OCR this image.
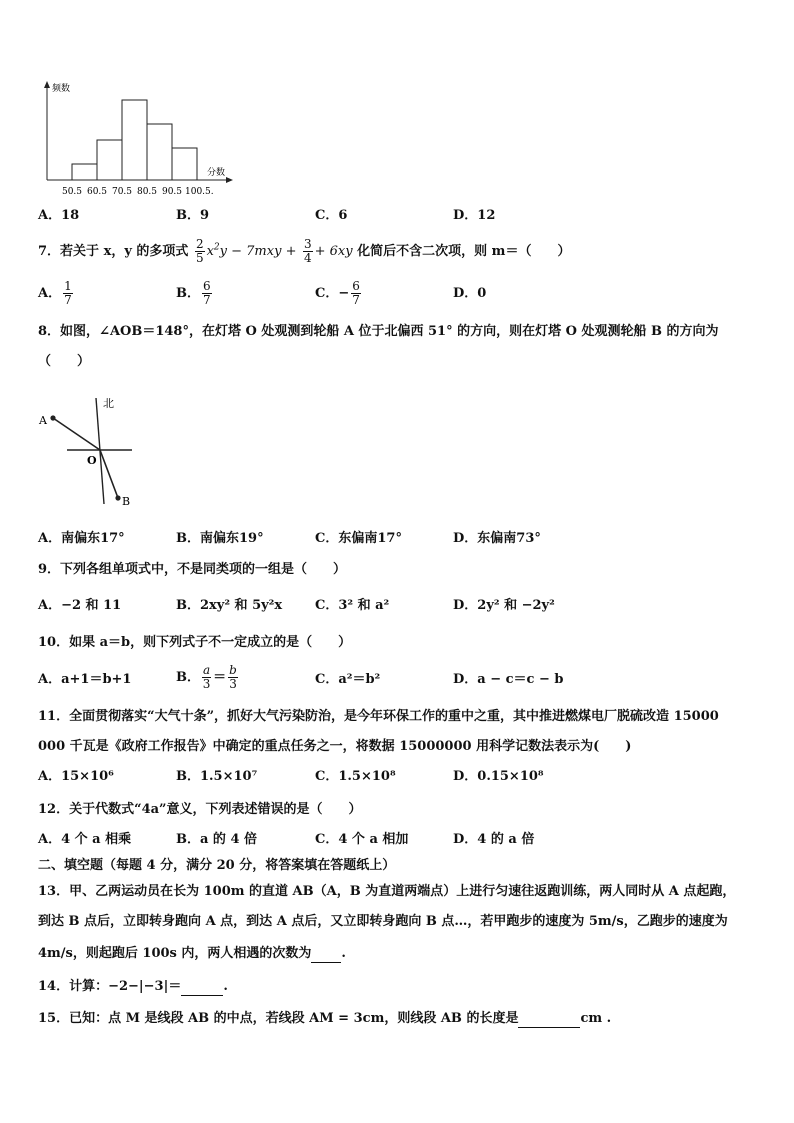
频数
分数
50.5 60.5 70.5 80.5 90.5 100.5.
A．18	B．9	C．6	D．12
7．若关于 x，y 的多项式 $\frac{2}{5} x^2y - 7mxy + \frac{3}{4} + 6xy$ 化简后不含二次项，则 m＝（　　）
A． $\frac{1}{7}$	B． $\frac{6}{7}$	C．− $\frac{6}{7}$	D．0
8．如图，∠AOB＝148°，在灯塔 O 处观测到轮船 A 位于北偏西 51° 的方向，则在灯塔 O 处观测轮船 B 的方向为
（　　）
北
A
O
B
A．南偏东17°	B．南偏东19°	C．东偏南17°	D．东偏南73°
9．下列各组单项式中，不是同类项的一组是（　　）
A．−2 和 11	B．2xy² 和 5y²x	C．3² 和 a²	D．2y² 和 −2y²
10．如果 a＝b，则下列式子不一定成立的是（　　）
A．a+1＝b+1	B． $\frac{a}{3} = \frac{b}{3}$	C．a²＝b²	D．a − c＝c − b
11．全面贯彻落实“大气十条”，抓好大气污染防治，是今年环保工作的重中之重，其中推进燃煤电厂脱硫改造 15000
000 千瓦是《政府工作报告》中确定的重点任务之一，将数据 15000000 用科学记数法表示为(　　)
A．15×10⁶	B．1.5×10⁷	C．1.5×10⁸	D．0.15×10⁸
12．关于代数式“4a”意义，下列表述错误的是（　　）
A．4 个 a 相乘	B．a 的 4 倍	C．4 个 a 相加	D．4 的 a 倍
二、填空题（每题 4 分，满分 20 分，将答案填在答题纸上）
13．甲、乙两运动员在长为 100m 的直道 AB（A，B 为直道两端点）上进行匀速往返跑训练，两人同时从 A 点起跑，
到达 B 点后，立即转身跑向 A 点，到达 A 点后，又立即转身跑向 B 点…，若甲跑步的速度为 5m/s，乙跑步的速度为
4m/s，则起跑后 100s 内，两人相遇的次数为 .
14．计算：−2−|−3|＝	.
15．已知：点 M 是线段 AB 的中点，若线段 AM = 3cm，则线段 AB 的长度是	cm .
